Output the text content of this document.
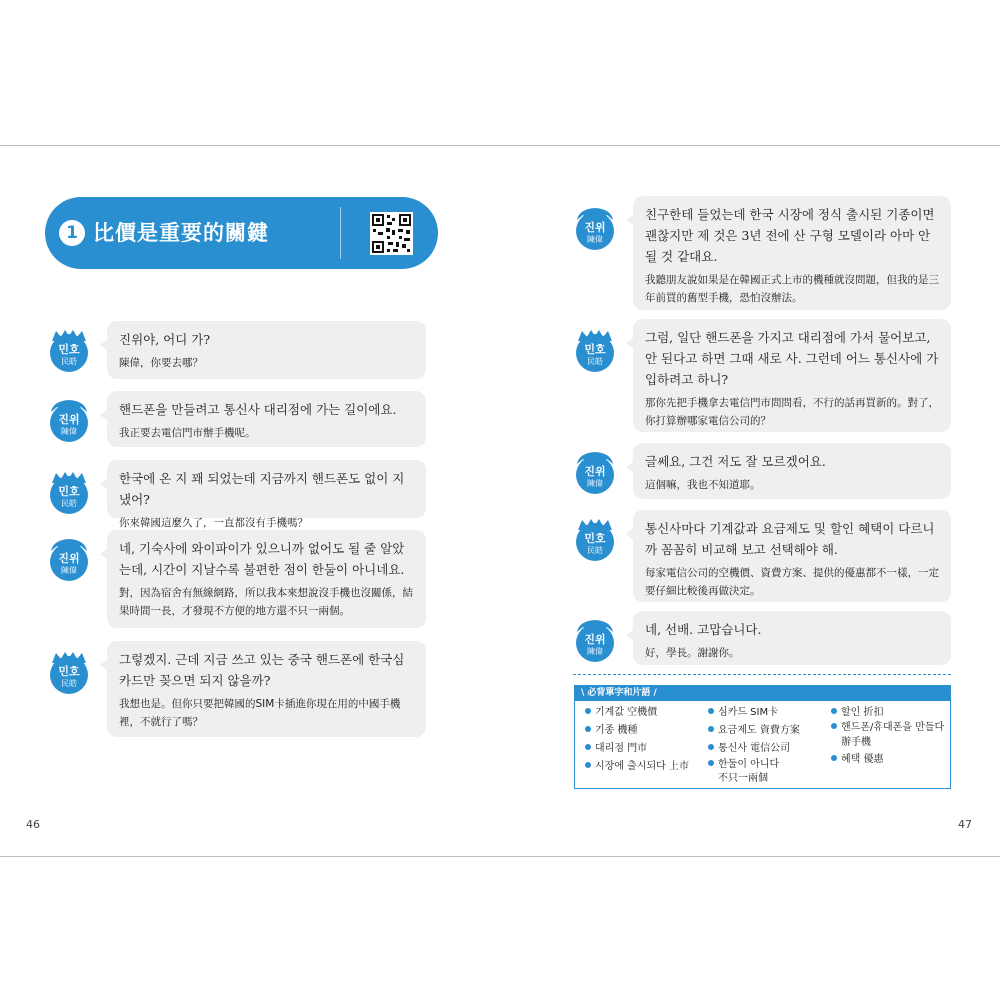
1 比價是重要的關鍵
민호
民皓
진위야, 어디 가?
陳偉，你要去哪？
진위
陳偉
핸드폰을 만들려고 통신사 대리점에 가는 길이에요.
我正要去電信門市辦手機呢。
민호
民皓
한국에 온 지 꽤 되었는데 지금까지 핸드폰도 없이 지냈어?
你來韓國這麼久了，一直都沒有手機嗎？
진위
陳偉
네, 기숙사에 와이파이가 있으니까 없어도 될 줄 알았는데, 시간이 지날수록 불편한 점이 한둘이 아니네요.
對，因為宿舍有無線網路，所以我本來想說沒手機也沒關係，結果時間一長，才發現不方便的地方還不只一兩個。
민호
民皓
그렇겠지. 근데 지금 쓰고 있는 중국 핸드폰에 한국심카드만 꽂으면 되지 않을까?
我想也是。但你只要把韓國的SIM卡插進你現在用的中國手機裡，不就行了嗎？
진위
陳偉
친구한테 들었는데 한국 시장에 정식 출시된 기종이면 괜찮지만 제 것은 3년 전에 산 구형 모델이라 아마 안 될 것 같대요.
我聽朋友說如果是在韓國正式上市的機種就沒問題，但我的是三年前買的舊型手機，恐怕沒辦法。
민호
民皓
그럼, 일단 핸드폰을 가지고 대리점에 가서 물어보고, 안 된다고 하면 그때 새로 사. 그런데 어느 통신사에 가입하려고 하니?
那你先把手機拿去電信門市問問看，不行的話再買新的。對了，你打算辦哪家電信公司的？
진위
陳偉
글쎄요, 그건 저도 잘 모르겠어요.
這個嘛，我也不知道耶。
민호
民皓
통신사마다 기계값과 요금제도 및 할인 혜택이 다르니까 꼼꼼히 비교해 보고 선택해야 해.
每家電信公司的空機價、資費方案、提供的優惠都不一樣，一定要仔細比較後再做決定。
진위
陳偉
네, 선배. 고맙습니다.
好，學長。謝謝你。
\ 必背單字和片語 /
기계값 空機價
기종 機種
대리점 門市
시장에 출시되다 上市
심카드 SIM卡
요금제도 資費方案
통신사 電信公司
한둘이 아니다
不只一兩個
할인 折扣
핸드폰/휴대폰을 만들다
辦手機
혜택 優惠
46	47
